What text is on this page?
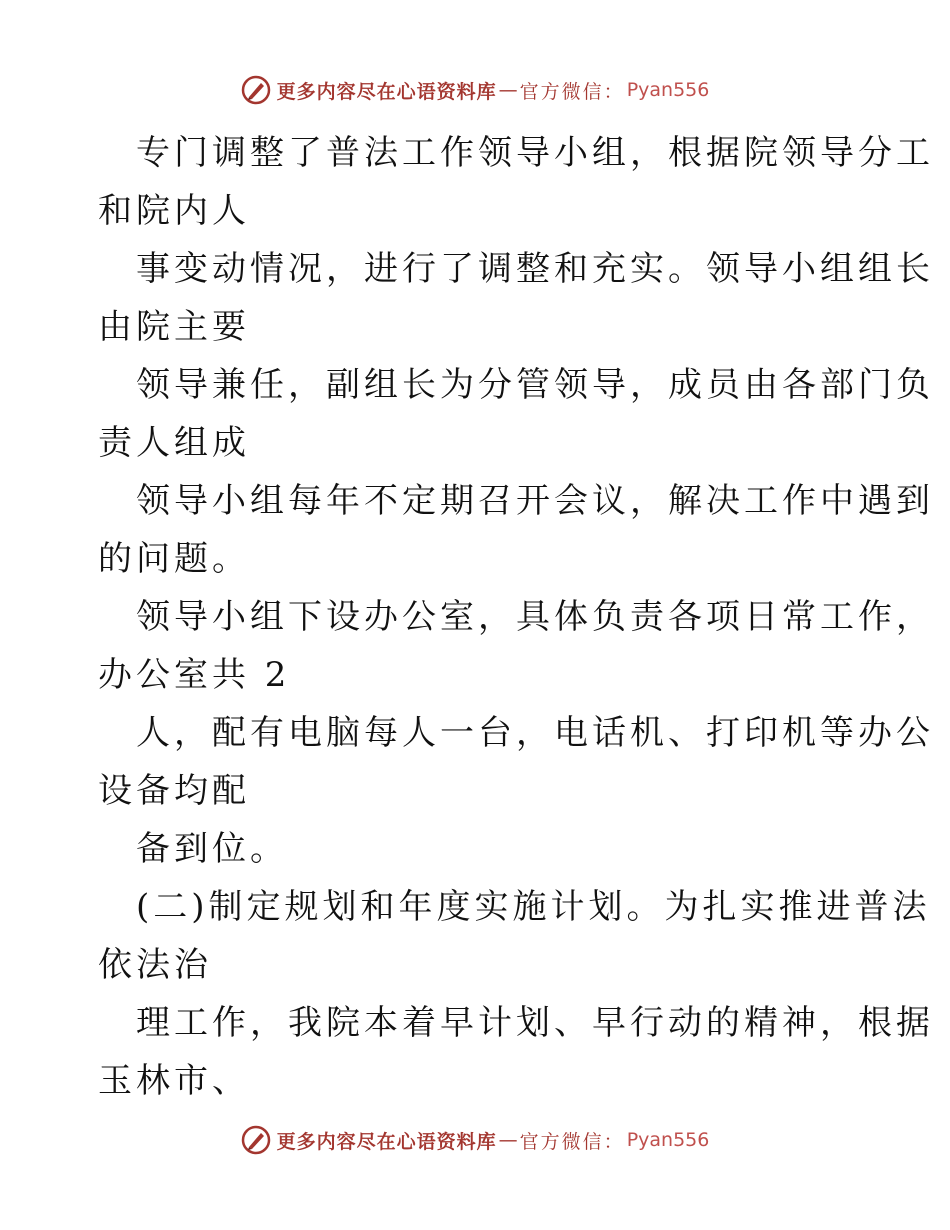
更多内容尽在心语资料库 — 官方微信： Pyan556

专门调整了普法工作领导小组，根据院领导分工
和院内人

事变动情况，进行了调整和充实。领导小组组长
由院主要

领导兼任，副组长为分管领导，成员由各部门负
责人组成

领导小组每年不定期召开会议，解决工作中遇到
的问题。

领导小组下设办公室，具体负责各项日常工作，
办公室共 2

人，配有电脑每人一台，电话机、打印机等办公
设备均配

备到位。

(二)制定规划和年度实施计划。为扎实推进普法
依法治

理工作，我院本着早计划、早行动的精神，根据
玉林市、

更多内容尽在心语资料库 — 官方微信： Pyan556
